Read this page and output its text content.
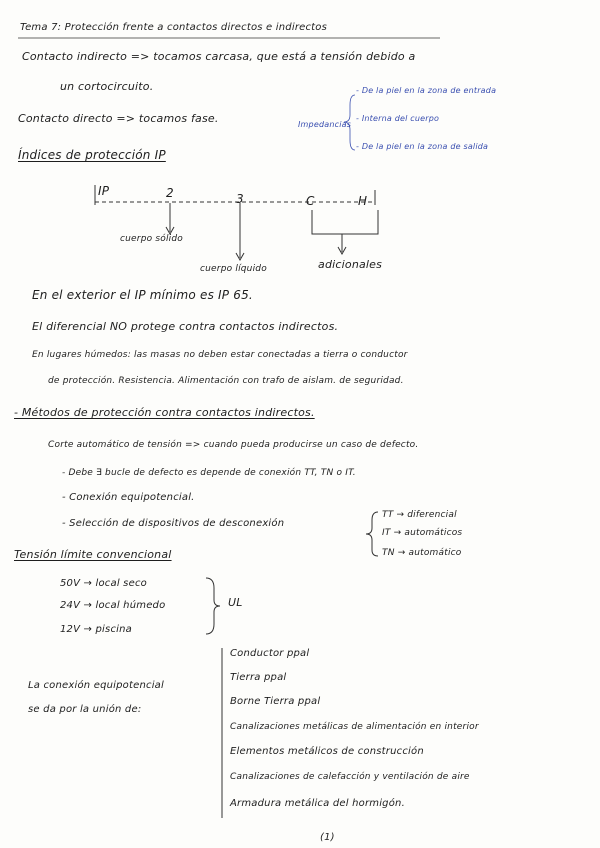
Tema 7: Protección frente a contactos directos e indirectos
Contacto indirecto => tocamos carcasa, que está a tensión debido a
un cortocircuito.
Contacto directo => tocamos fase.	Impedancias
- De la piel en la zona de entrada
- Interna del cuerpo
- De la piel en la zona de salida
Índices de protección IP
IP	2	3	C	H
cuerpo sólido
cuerpo líquido	adicionales
En el exterior el IP mínimo es IP 65.
El diferencial NO protege contra contactos indirectos.
En lugares húmedos: las masas no deben estar conectadas a tierra o conductor
de protección. Resistencia. Alimentación con trafo de aislam. de seguridad.
- Métodos de protección contra contactos indirectos.
Corte automático de tensión => cuando pueda producirse un caso de defecto.
- Debe ∃ bucle de defecto es depende de conexión TT, TN o IT.
- Conexión equipotencial.
- Selección de dispositivos de desconexión
TT → diferencial
IT → automáticos
TN → automático
Tensión límite convencional
50V → local seco
24V → local húmedo
12V → piscina
UL
La conexión equipotencial
se da por la unión de:
Conductor ppal
Tierra ppal
Borne Tierra ppal
Canalizaciones metálicas de alimentación en interior
Elementos metálicos de construcción
Canalizaciones de calefacción y ventilación de aire
Armadura metálica del hormigón.
(1)
